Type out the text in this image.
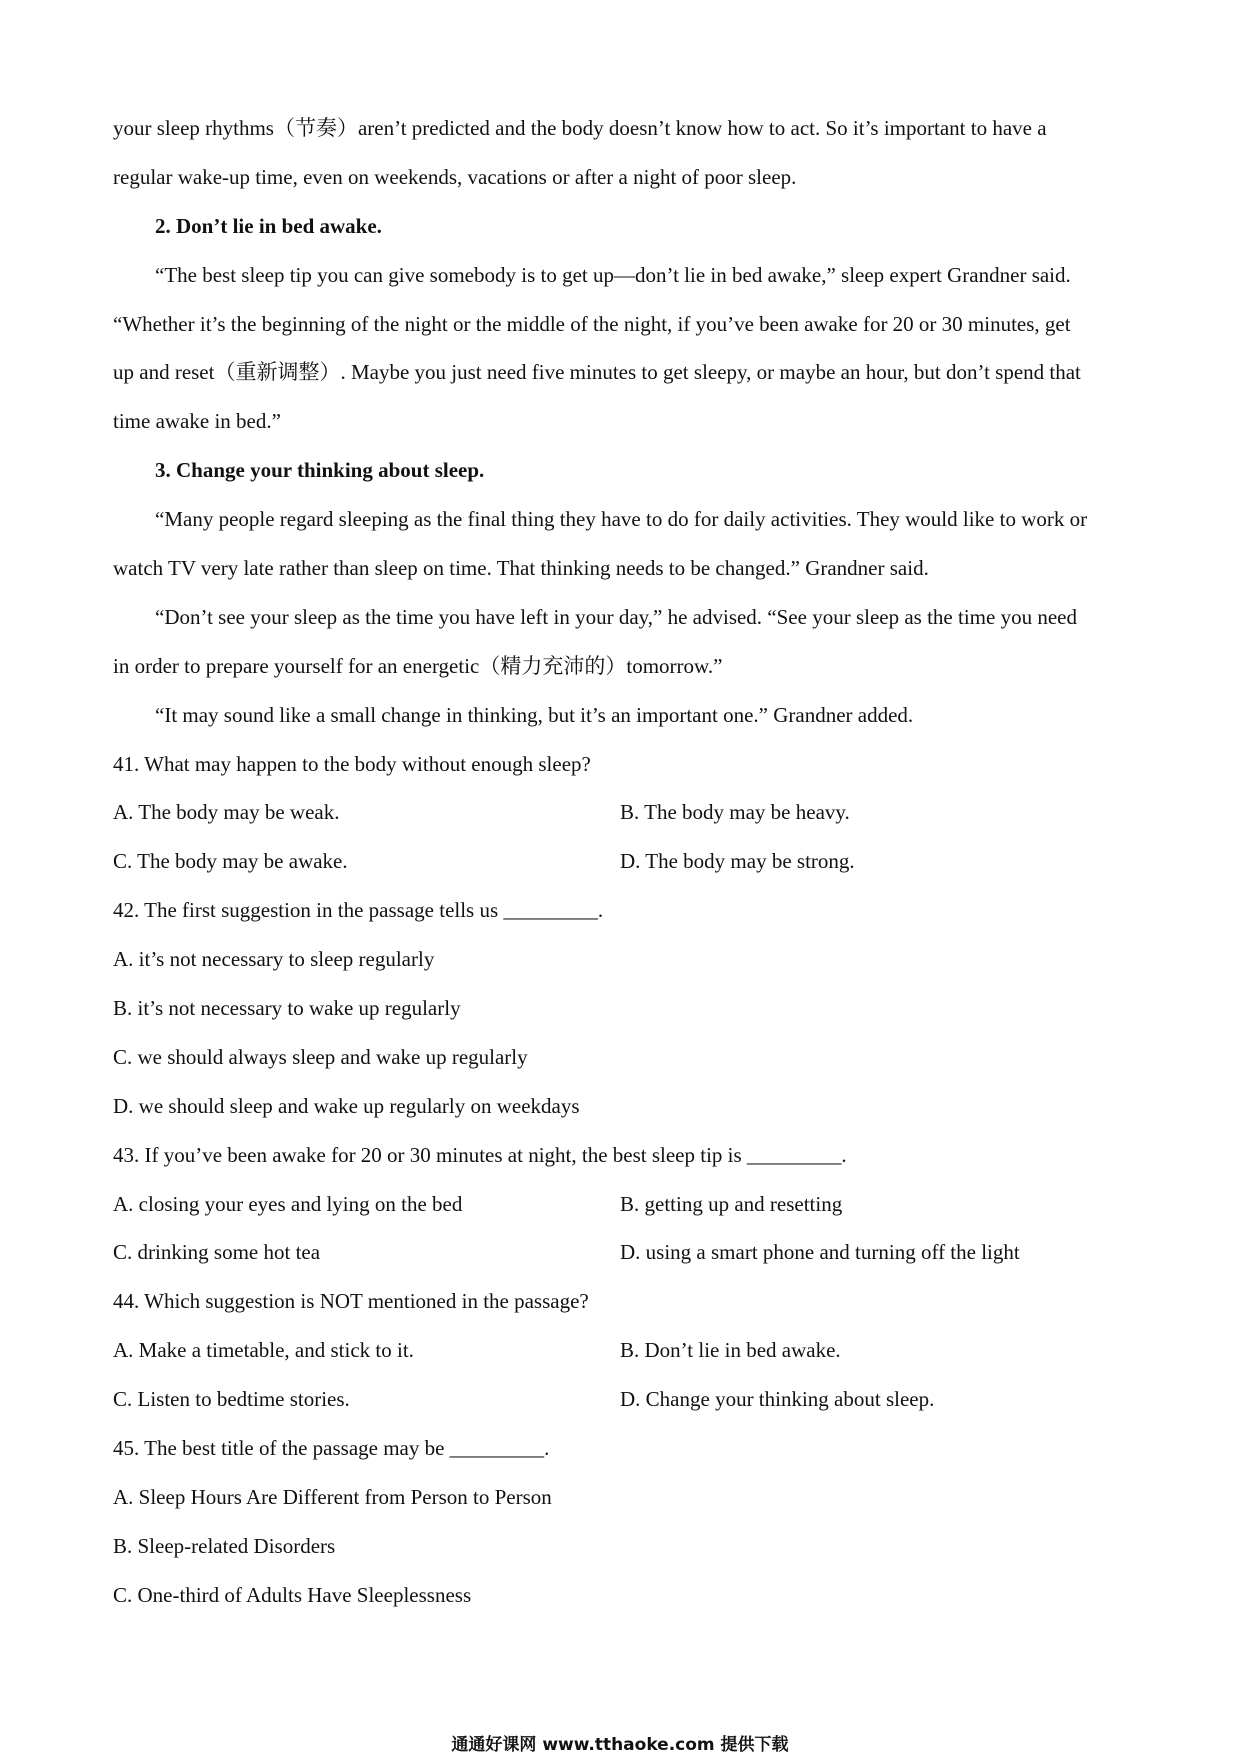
your sleep rhythms（节奏）aren’t predicted and the body doesn’t know how to act. So it’s important to have a
regular wake-up time, even on weekends, vacations or after a night of poor sleep.
2. Don’t lie in bed awake.
“The best sleep tip you can give somebody is to get up—don’t lie in bed awake,” sleep expert Grandner said.
“Whether it’s the beginning of the night or the middle of the night, if you’ve been awake for 20 or 30 minutes, get
up and reset（重新调整）. Maybe you just need five minutes to get sleepy, or maybe an hour, but don’t spend that
time awake in bed.”
3. Change your thinking about sleep.
“Many people regard sleeping as the final thing they have to do for daily activities. They would like to work or
watch TV very late rather than sleep on time. That thinking needs to be changed.” Grandner said.
“Don’t see your sleep as the time you have left in your day,” he advised. “See your sleep as the time you need
in order to prepare yourself for an energetic（精力充沛的）tomorrow.”
“It may sound like a small change in thinking, but it’s an important one.” Grandner added.
41. What may happen to the body without enough sleep?
A. The body may be weak.	B. The body may be heavy.
C. The body may be awake.	D. The body may be strong.
42. The first suggestion in the passage tells us _________.
A. it’s not necessary to sleep regularly
B. it’s not necessary to wake up regularly
C. we should always sleep and wake up regularly
D. we should sleep and wake up regularly on weekdays
43. If you’ve been awake for 20 or 30 minutes at night, the best sleep tip is _________.
A. closing your eyes and lying on the bed	B. getting up and resetting
C. drinking some hot tea	D. using a smart phone and turning off the light
44. Which suggestion is NOT mentioned in the passage?
A. Make a timetable, and stick to it.	B. Don’t lie in bed awake.
C. Listen to bedtime stories.	D. Change your thinking about sleep.
45. The best title of the passage may be _________.
A. Sleep Hours Are Different from Person to Person
B. Sleep-related Disorders
C. One-third of Adults Have Sleeplessness
通通好课网 www.tthaoke.com 提供下载
